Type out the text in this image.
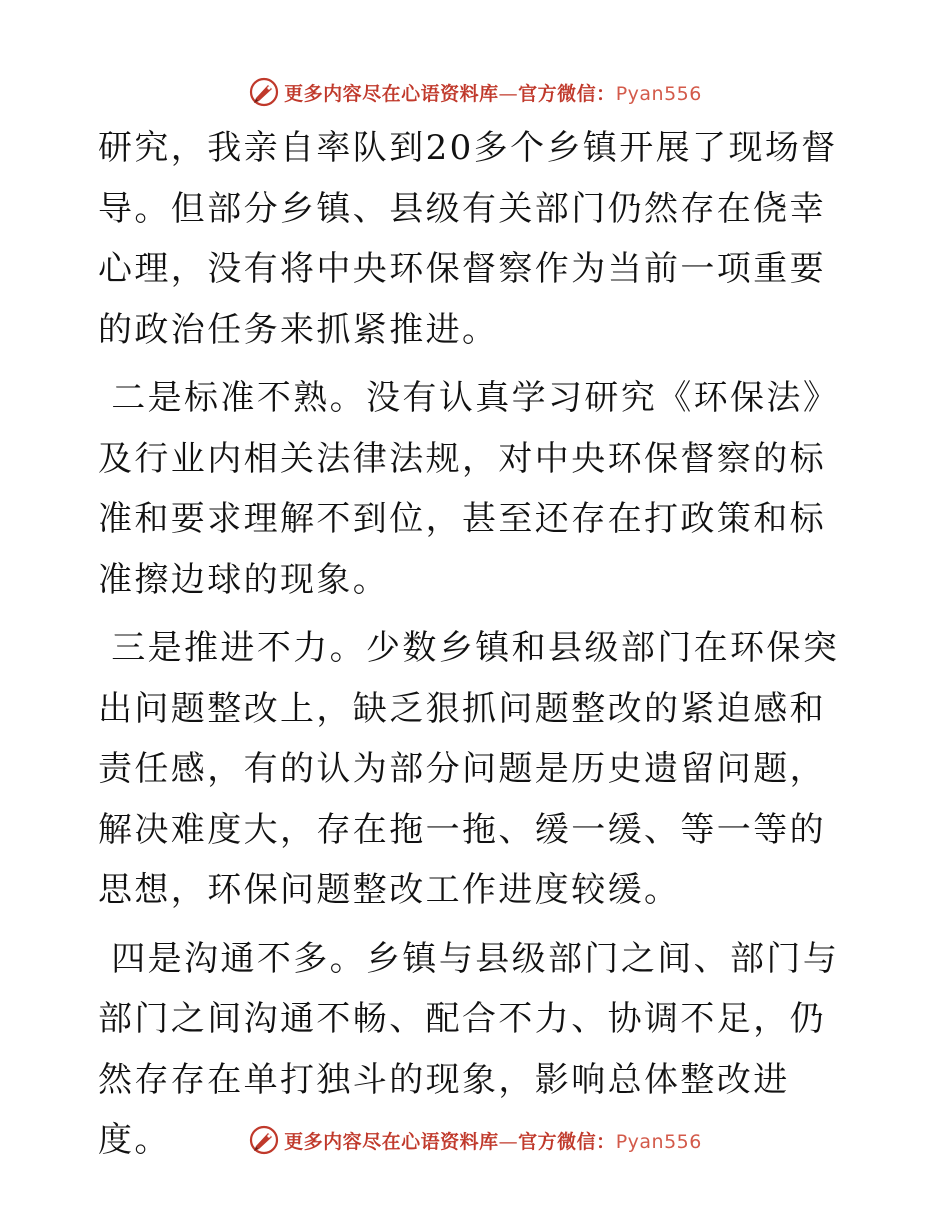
更多内容尽在心语资料库—官方微信：Pyan556

研究，我亲自率队到20多个乡镇开展了现场督导。但部分乡镇、县级有关部门仍然存在侥幸心理，没有将中央环保督察作为当前一项重要的政治任务来抓紧推进。

二是标准不熟。没有认真学习研究《环保法》及行业内相关法律法规，对中央环保督察的标准和要求理解不到位，甚至还存在打政策和标准擦边球的现象。

三是推进不力。少数乡镇和县级部门在环保突出问题整改上，缺乏狠抓问题整改的紧迫感和责任感，有的认为部分问题是历史遗留问题，解决难度大，存在拖一拖、缓一缓、等一等的思想，环保问题整改工作进度较缓。

四是沟通不多。乡镇与县级部门之间、部门与部门之间沟通不畅、配合不力、协调不足，仍然存存在单打独斗的现象，影响总体整改进度。	更多内容尽在心语资料库—官方微信：Pyan556
